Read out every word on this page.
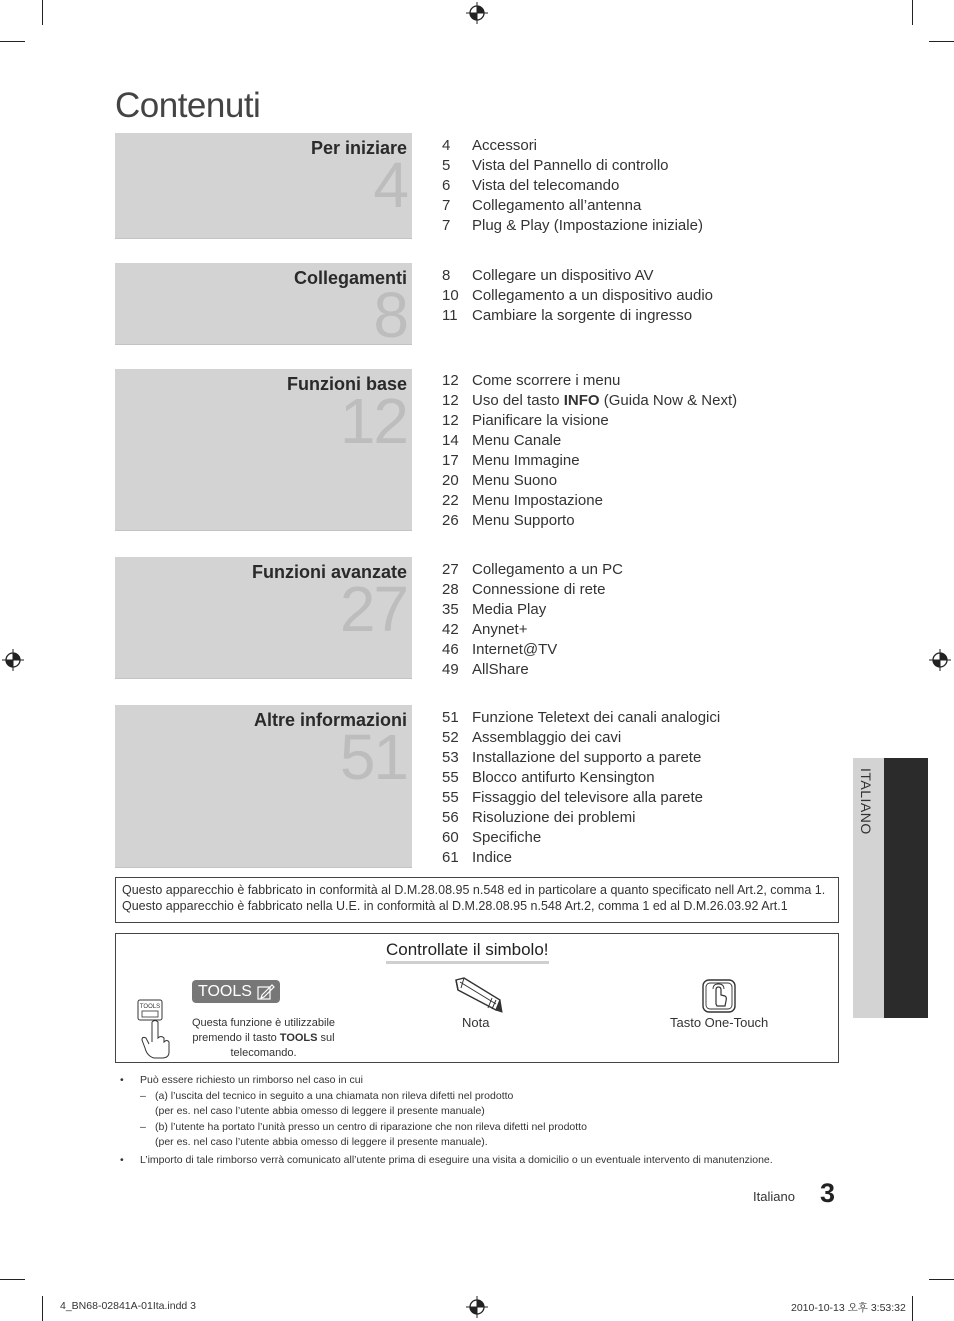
Contenuti
Per iniziare
4
4	Accessori
5	Vista del Pannello di controllo
6	Vista del telecomando
7	Collegamento all’antenna
7	Plug & Play (Impostazione iniziale)
Collegamenti
8
8	Collegare un dispositivo AV
10 Collegamento a un dispositivo audio
11 Cambiare la sorgente di ingresso
Funzioni base
12
12 Come scorrere i menu
12 Uso del tasto INFO (Guida Now & Next)
12 Pianificare la visione
14 Menu Canale
17 Menu Immagine
20 Menu Suono
22 Menu Impostazione
26 Menu Supporto
Funzioni avanzate
27
27 Collegamento a un PC
28 Connessione di rete
35 Media Play
42 Anynet+
46 Internet@TV
49 AllShare
Altre informazioni
51
51 Funzione Teletext dei canali analogici
52 Assemblaggio dei cavi
53 Installazione del supporto a parete
55 Blocco antifurto Kensington
55 Fissaggio del televisore alla parete
56 Risoluzione dei problemi
60 Specifiche
61 Indice
ITALIANO
Questo apparecchio è fabbricato in conformità al D.M.28.08.95 n.548 ed in particolare a quanto specificato nell Art.2, comma 1. Questo apparecchio è fabbricato nella U.E. in conformità al D.M.28.08.95 n.548 Art.2, comma 1 ed al D.M.26.03.92 Art.1
Controllate il simbolo!
TOOLS
TOOLS
Questa funzione è utilizzabile premendo il tasto TOOLS sul telecomando.
Nota	Tasto One-Touch
• Può essere richiesto un rimborso nel caso in cui

– (a) l’uscita del tecnico in seguito a una chiamata non rileva difetti nel prodotto

(per es. nel caso l’utente abbia omesso di leggere il presente manuale)

– (b) l’utente ha portato l’unità presso un centro di riparazione che non rileva difetti nel prodotto

(per es. nel caso l’utente abbia omesso di leggere il presente manuale).

• L’importo di tale rimborso verrà comunicato all’utente prima di eseguire una visita a domicilio o un eventuale intervento di manutenzione.

Italiano 3
4_BN68-02841A-01Ita.indd 3	2010-10-13 오후 3:53:32
